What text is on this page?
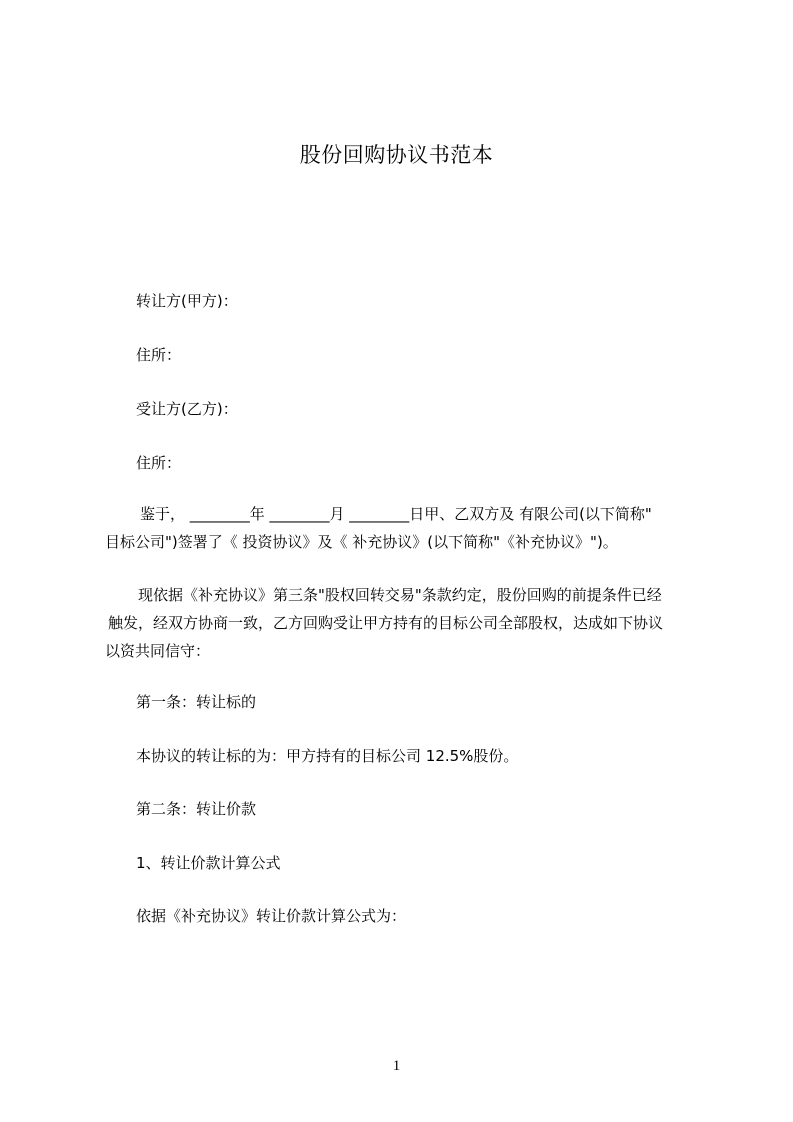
股份回购协议书范本
转让方(甲方)：
住所：
受让方(乙方)：
住所：
鉴于， ________年 ________月 ________日甲、乙双方及 有限公司(以下简称"
目标公司")签署了《 投资协议》及《 补充协议》(以下简称"《补充协议》")。
现依据《补充协议》第三条"股权回转交易"条款约定，股份回购的前提条件已经
触发，经双方协商一致，乙方回购受让甲方持有的目标公司全部股权，达成如下协议
以资共同信守：
第一条：转让标的
本协议的转让标的为：甲方持有的目标公司 12.5%股份。
第二条：转让价款
1、转让价款计算公式
依据《补充协议》转让价款计算公式为：
1
